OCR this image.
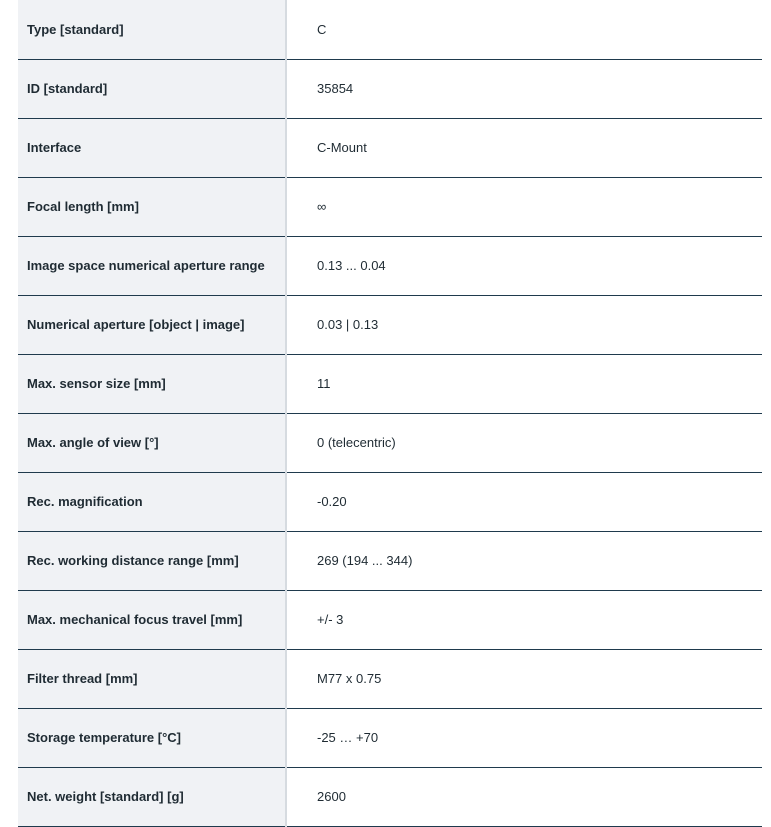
Type [standard]	C
ID [standard]	35854
Interface	C-Mount
Focal length [mm]	∞
Image space numerical aperture range	0.13 ... 0.04
Numerical aperture [object | image]	0.03 | 0.13
Max. sensor size [mm]	11
Max. angle of view [°]	0 (telecentric)
Rec. magnification	-0.20
Rec. working distance range [mm]	269 (194 ... 344)
Max. mechanical focus travel [mm]	+/- 3
Filter thread [mm]	M77 x 0.75
Storage temperature [°C]	-25 … +70
Net. weight [standard] [g]	2600
